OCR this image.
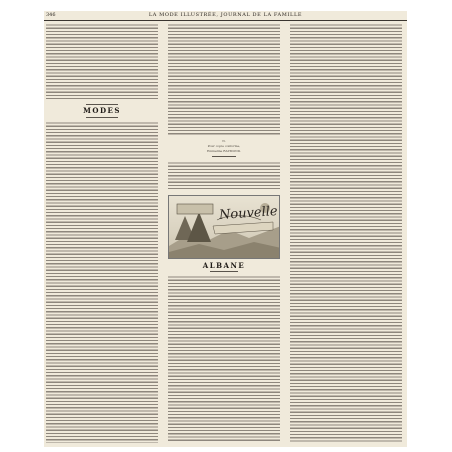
346	LA MODE ILLUSTRÉE, JOURNAL DE LA FAMILLE
MODES
N.
Pour copie conforme,
Emmeline RAYMOND.
Nouvelle
ALBANE
